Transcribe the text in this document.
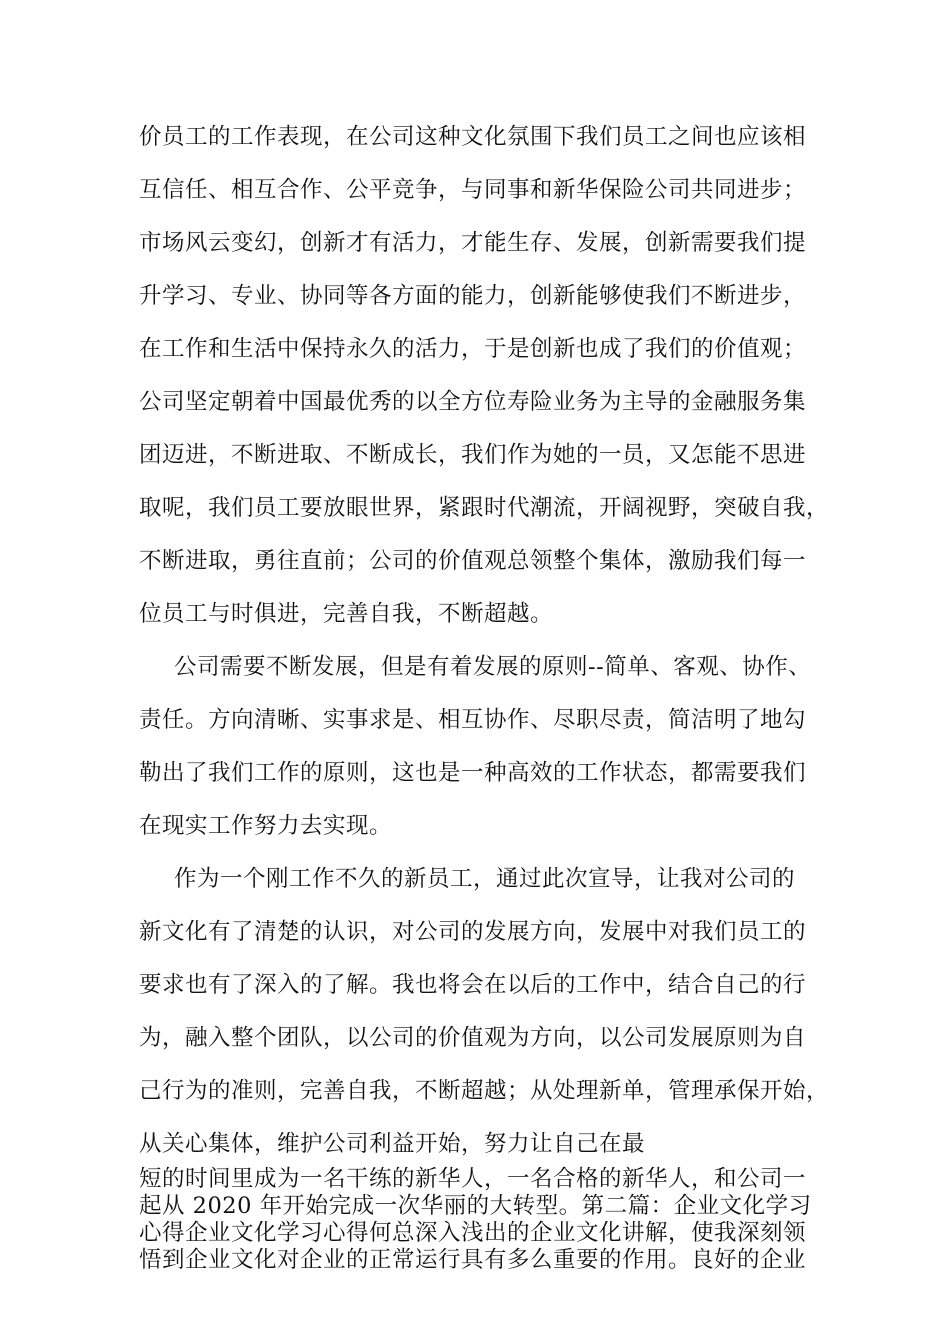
价员工的工作表现，在公司这种文化氛围下我们员工之间也应该相
互信任、相互合作、公平竞争，与同事和新华保险公司共同进步；
市场风云变幻，创新才有活力，才能生存、发展，创新需要我们提
升学习、专业、协同等各方面的能力，创新能够使我们不断进步，
在工作和生活中保持永久的活力，于是创新也成了我们的价值观；
公司坚定朝着中国最优秀的以全方位寿险业务为主导的金融服务集
团迈进，不断进取、不断成长，我们作为她的一员，又怎能不思进
取呢，我们员工要放眼世界，紧跟时代潮流，开阔视野，突破自我，
不断进取，勇往直前；公司的价值观总领整个集体，激励我们每一
位员工与时俱进，完善自我，不断超越。
公司需要不断发展，但是有着发展的原则--简单、客观、协作、
责任。方向清晰、实事求是、相互协作、尽职尽责，简洁明了地勾
勒出了我们工作的原则，这也是一种高效的工作状态，都需要我们
在现实工作努力去实现。
作为一个刚工作不久的新员工，通过此次宣导，让我对公司的
新文化有了清楚的认识，对公司的发展方向，发展中对我们员工的
要求也有了深入的了解。我也将会在以后的工作中，结合自己的行
为，融入整个团队，以公司的价值观为方向，以公司发展原则为自
己行为的准则，完善自我，不断超越；从处理新单，管理承保开始，
从关心集体，维护公司利益开始，努力让自己在最
短的时间里成为一名干练的新华人，一名合格的新华人，和公司一
起从 2020 年开始完成一次华丽的大转型。第二篇：企业文化学习
心得企业文化学习心得何总深入浅出的企业文化讲解，使我深刻领
悟到企业文化对企业的正常运行具有多么重要的作用。良好的企业
